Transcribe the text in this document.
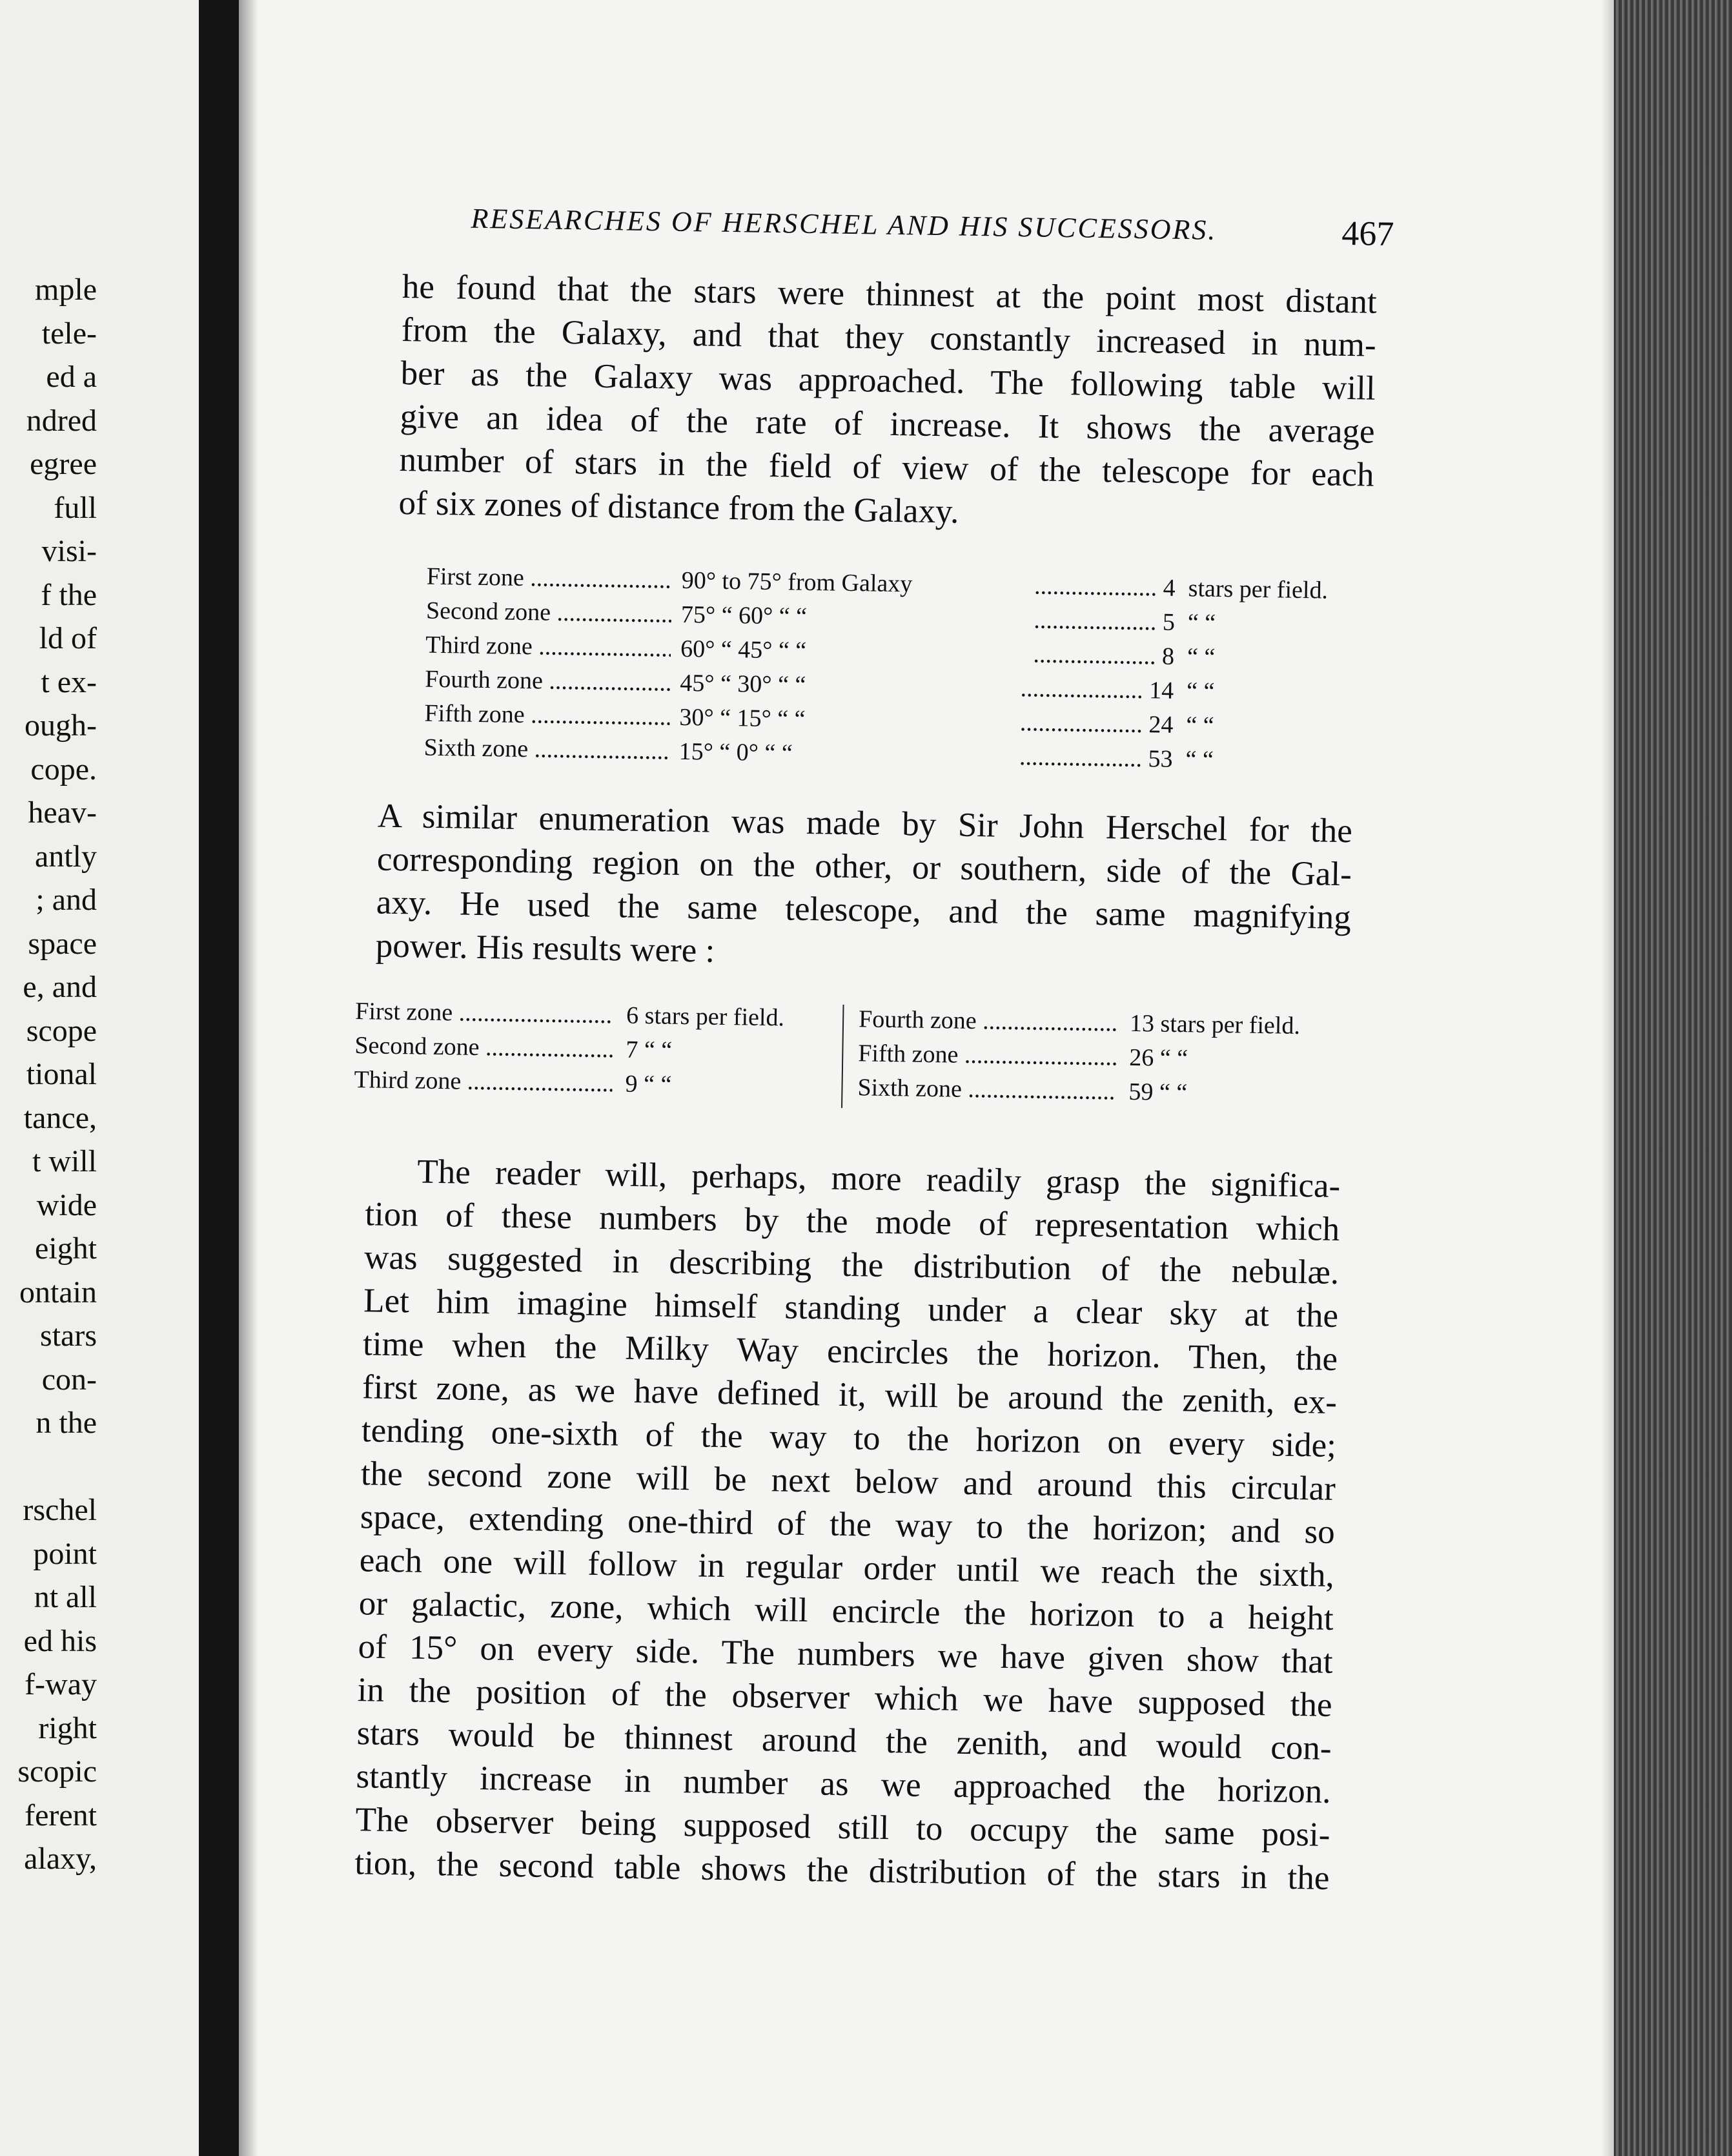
mple
tele-
ed a
ndred
egree
full
visi-
f the
ld of
t ex-
ough-
cope.
heav-
antly
; and
space
e, and
scope
tional
tance,
t will
wide
eight
ontain
stars
con-
n the
rschel
point
nt all
ed his
f-way
right
scopic
ferent
alaxy,
RESEARCHES OF HERSCHEL AND HIS SUCCESSORS.	467
he found that the stars were thinnest at the point most distant
from the Galaxy, and that they constantly increased in num-
ber as the Galaxy was approached. The following table will
give an idea of the rate of increase. It shows the average
number of stars in the field of view of the telescope for each
of six zones of distance from the Galaxy.
First zone .....	90° to 75° from Galaxy	.................... 4 stars per field.
Second zone .....	75° “ 60° “ “	.................... 5 “ “
Third zone .....	60° “ 45° “ “	.................... 8 “ “
Fourth zone .....	45° “ 30° “ “	.................... 14 “ “
Fifth zone .....	30° “ 15° “ “	.................... 24 “ “
Sixth zone .....	15° “ 0° “ “	.................... 53 “ “
A similar enumeration was made by Sir John Herschel for the
corresponding region on the other, or southern, side of the Gal-
axy. He used the same telescope, and the same magnifying
power. His results were :
First zone .....	6 stars per field.
Second zone .....	7 “ “
Third zone .....	9 “ “
Fourth zone .....	13 stars per field.
Fifth zone .....	26 “ “
Sixth zone .....	59 “ “
The reader will, perhaps, more readily grasp the significa-
tion of these numbers by the mode of representation which
was suggested in describing the distribution of the nebulæ.
Let him imagine himself standing under a clear sky at the
time when the Milky Way encircles the horizon. Then, the
first zone, as we have defined it, will be around the zenith, ex-
tending one-sixth of the way to the horizon on every side;
the second zone will be next below and around this circular
space, extending one-third of the way to the horizon; and so
each one will follow in regular order until we reach the sixth,
or galactic, zone, which will encircle the horizon to a height
of 15° on every side. The numbers we have given show that
in the position of the observer which we have supposed the
stars would be thinnest around the zenith, and would con-
stantly increase in number as we approached the horizon.
The observer being supposed still to occupy the same posi-
tion, the second table shows the distribution of the stars in the
